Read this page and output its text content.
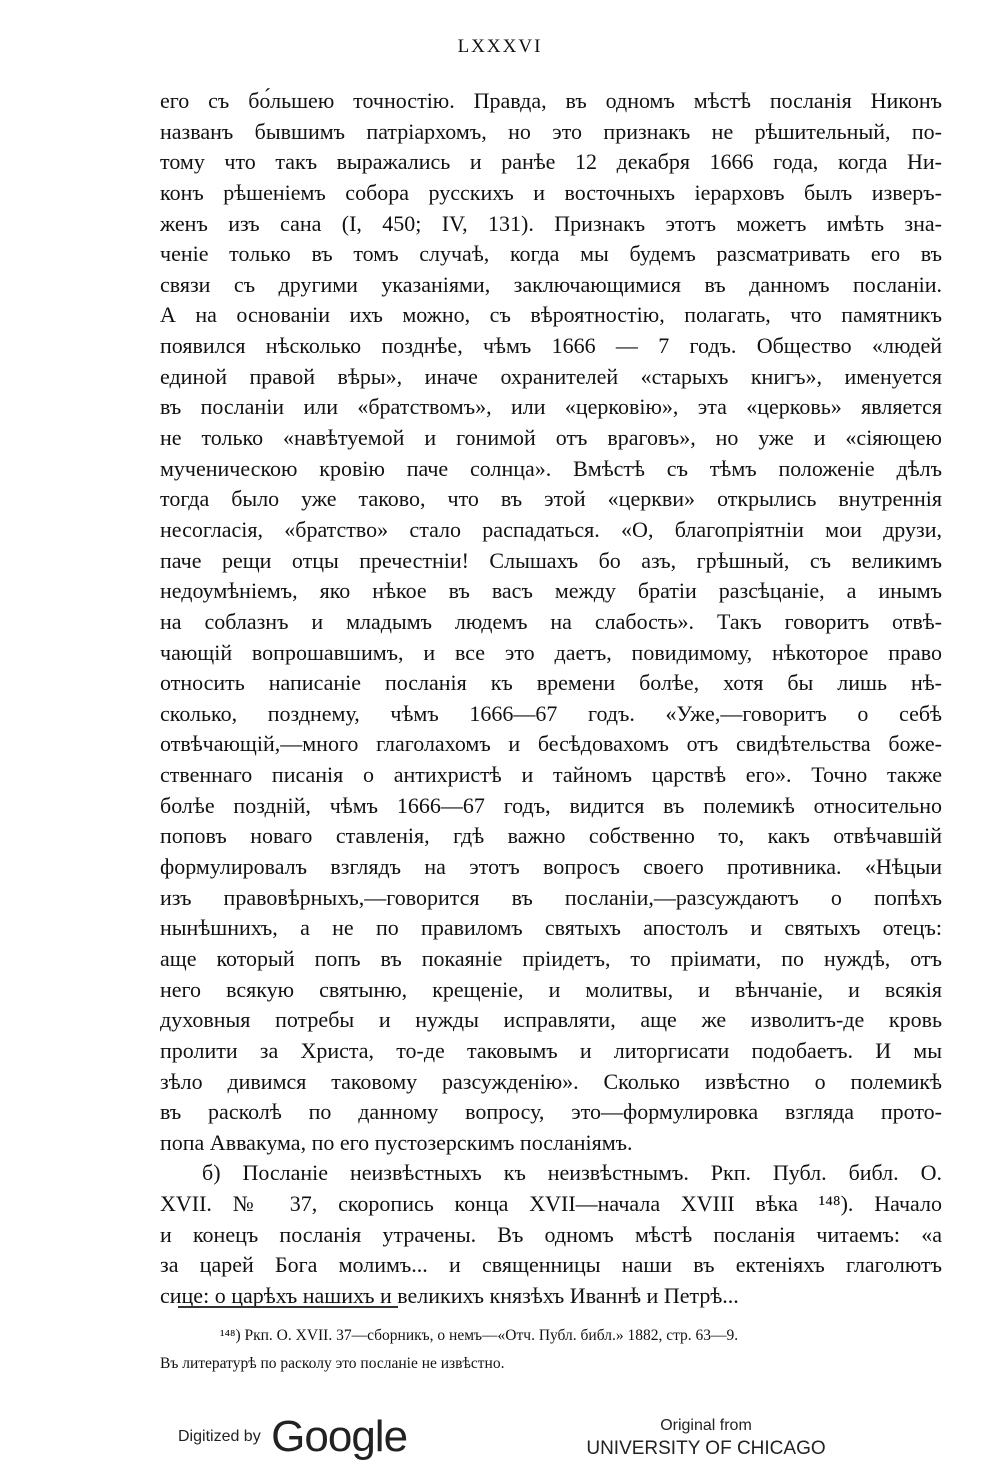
LXXXVI
его съ бо́льшею точностію. Правда, въ одномъ мѣстѣ посланія Никонъ
названъ бывшимъ патріархомъ, но это признакъ не рѣшительный, по-
тому что такъ выражались и ранѣе 12 декабря 1666 года, когда Ни-
конъ рѣшеніемъ собора русскихъ и восточныхъ іерарховъ былъ изверъ-
женъ изъ сана (I, 450; IV, 131). Признакъ этотъ можетъ имѣть зна-
ченіе только въ томъ случаѣ, когда мы будемъ разсматривать его въ
связи съ другими указаніями, заключающимися въ данномъ посланіи.
А на основаніи ихъ можно, съ вѣроятностію, полагать, что памятникъ
появился нѣсколько позднѣе, чѣмъ 1666 — 7 годъ. Общество «людей
единой правой вѣры», иначе охранителей «старыхъ книгъ», именуется
въ посланіи или «братствомъ», или «церковію», эта «церковь» является
не только «навѣтуемой и гонимой отъ враговъ», но уже и «сіяющею
мученическою кровію паче солнца». Вмѣстѣ съ тѣмъ положеніе дѣлъ
тогда было уже таково, что въ этой «церкви» открылись внутреннія
несогласія, «братство» стало распадаться. «О, благопріятніи мои друзи,
паче рещи отцы пречестніи! Слышахъ бо азъ, грѣшный, съ великимъ
недоумѣніемъ, яко нѣкое въ васъ между братіи разсѣцаніе, а инымъ
на соблазнъ и младымъ людемъ на слабость». Такъ говоритъ отвѣ-
чающій вопрошавшимъ, и все это даетъ, повидимому, нѣкоторое право
относить написаніе посланія къ времени болѣе, хотя бы лишь нѣ-
сколько, позднему, чѣмъ 1666—67 годъ. «Уже,—говоритъ о себѣ
отвѣчающій,—много глаголахомъ и бесѣдовахомъ отъ свидѣтельства боже-
ственнаго писанія о антихристѣ и тайномъ царствѣ его». Точно также
болѣе поздній, чѣмъ 1666—67 годъ, видится въ полемикѣ относительно
поповъ новаго ставленія, гдѣ важно собственно то, какъ отвѣчавшій
формулировалъ взглядъ на этотъ вопросъ своего противника. «Нѣцыи
изъ правовѣрныхъ,—говорится въ посланіи,—разсуждаютъ о попѣхъ
нынѣшнихъ, а не по правиломъ святыхъ апостолъ и святыхъ отецъ:
аще который попъ въ покаяніе пріидетъ, то пріимати, по нуждѣ, отъ
него всякую святыню, крещеніе, и молитвы, и вѣнчаніе, и всякія
духовныя потребы и нужды исправляти, аще же изволитъ-де кровь
пролити за Христа, то-де таковымъ и литоргисати подобаетъ. И мы
зѣло дивимся таковому разсужденію». Сколько извѣстно о полемикѣ
въ расколѣ по данному вопросу, это—формулировка взгляда прото-
попа Аввакума, по его пустозерскимъ посланіямъ.
б) Посланіе неизвѣстныхъ къ неизвѣстнымъ. Ркп. Публ. библ. О.
XVII. № 37, скоропись конца XVII—начала XVIII вѣка ¹⁴⁸). Начало
и конецъ посланія утрачены. Въ одномъ мѣстѣ посланія читаемъ: «а
за царей Бога молимъ... и священницы наши въ ектеніяхъ глаголютъ
сице: о царѣхъ нашихъ и великихъ князѣхъ Иваннѣ и Петрѣ...
¹⁴⁸) Ркп. О. XVII. 37—сборникъ, о немъ—«Отч. Публ. библ.» 1882, стр. 63—9.
Въ литературѣ по расколу это посланіе не извѣстно.
Digitized by Google	Original from
UNIVERSITY OF CHICAGO
